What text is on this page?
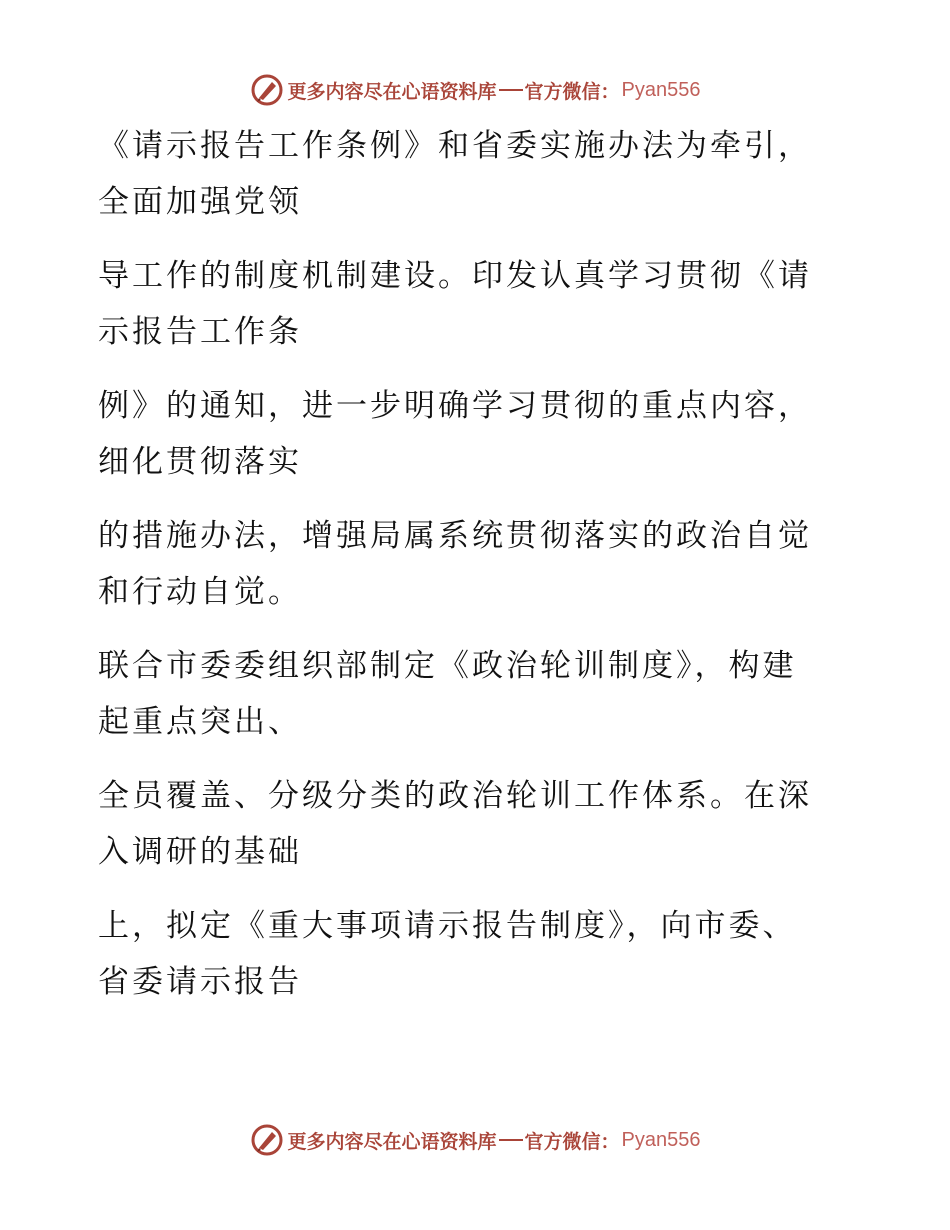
更多内容尽在心语资料库 官方微信： Pyan556
《请示报告工作条例》和省委实施办法为牵引，
全面加强党领
导工作的制度机制建设。印发认真学习贯彻《请
示报告工作条
例》的通知，进一步明确学习贯彻的重点内容，
细化贯彻落实
的措施办法，增强局属系统贯彻落实的政治自觉
和行动自觉。
联合市委委组织部制定《政治轮训制度》，构建
起重点突出、
全员覆盖、分级分类的政治轮训工作体系。在深
入调研的基础
上，拟定《重大事项请示报告制度》，向市委、
省委请示报告
更多内容尽在心语资料库 官方微信： Pyan556
